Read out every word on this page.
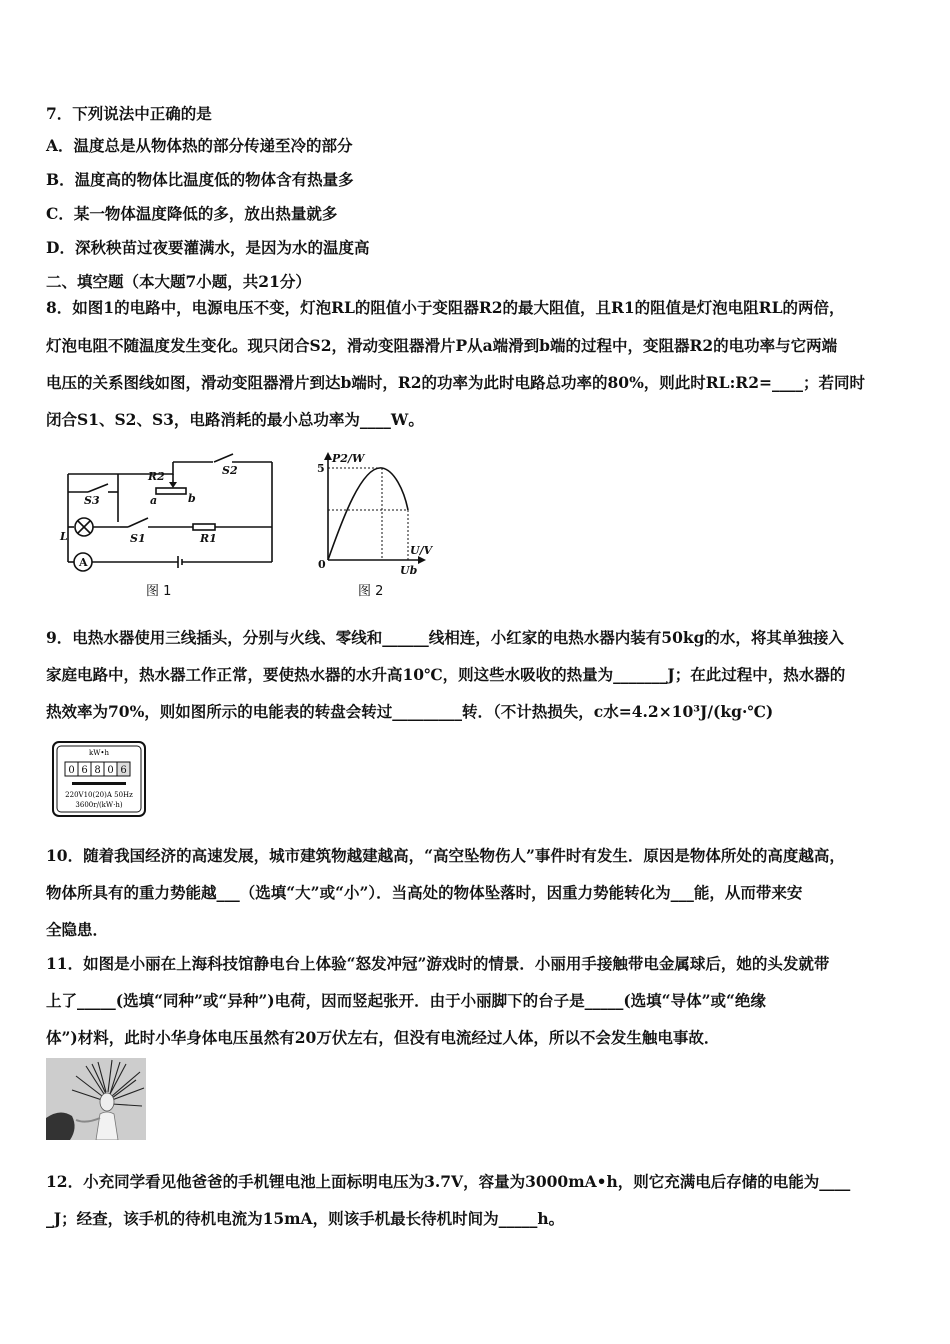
7．下列说法中正确的是
A．温度总是从物体热的部分传递至冷的部分
B．温度高的物体比温度低的物体含有热量多
C．某一物体温度降低的多，放出热量就多
D．深秋秧苗过夜要灌满水，是因为水的温度高
二、填空题（本大题7小题，共21分）
8．如图1的电路中，电源电压不变，灯泡RL的阻值小于变阻器R2的最大阻值，且R1的阻值是灯泡电阻RL的两倍，
灯泡电阻不随温度发生变化。现只闭合S2，滑动变阻器滑片P从a端滑到b端的过程中，变阻器R2的电功率与它两端
电压的关系图线如图，滑动变阻器滑片到达b端时，R2的功率为此时电路总功率的80%，则此时RL:R2=____；若同时
闭合S1、S2、S3，电路消耗的最小总功率为____W。
R2
a	b
S2
S3
S1	R1
L
A
图 1
P2/W
5
0
U/V
Ub
图 2
9．电热水器使用三线插头，分别与火线、零线和______线相连，小红家的电热水器内装有50kg的水，将其单独接入
家庭电路中，热水器工作正常，要使热水器的水升高10℃，则这些水吸收的热量为_______J；在此过程中，热水器的
热效率为70%，则如图所示的电能表的转盘会转过_________转．（不计热损失，c水=4.2×10³J/(kg·℃)
kW•h
0 6 8 0 6
220V10(20)A 50Hz
3600r/(kW·h)
10．随着我国经济的高速发展，城市建筑物越建越高，“高空坠物伤人”事件时有发生．原因是物体所处的高度越高，
物体所具有的重力势能越___（选填“大”或“小”）．当高处的物体坠落时，因重力势能转化为___能，从而带来安
全隐患．
11．如图是小丽在上海科技馆静电台上体验“怒发冲冠”游戏时的情景．小丽用手接触带电金属球后，她的头发就带
上了_____(选填“同种”或“异种”)电荷，因而竖起张开．由于小丽脚下的台子是_____(选填“导体”或“绝缘
体”)材料，此时小华身体电压虽然有20万伏左右，但没有电流经过人体，所以不会发生触电事故．
12．小充同学看见他爸爸的手机锂电池上面标明电压为3.7V，容量为3000mA•h，则它充满电后存储的电能为____
_J；经查，该手机的待机电流为15mA，则该手机最长待机时间为_____h。
